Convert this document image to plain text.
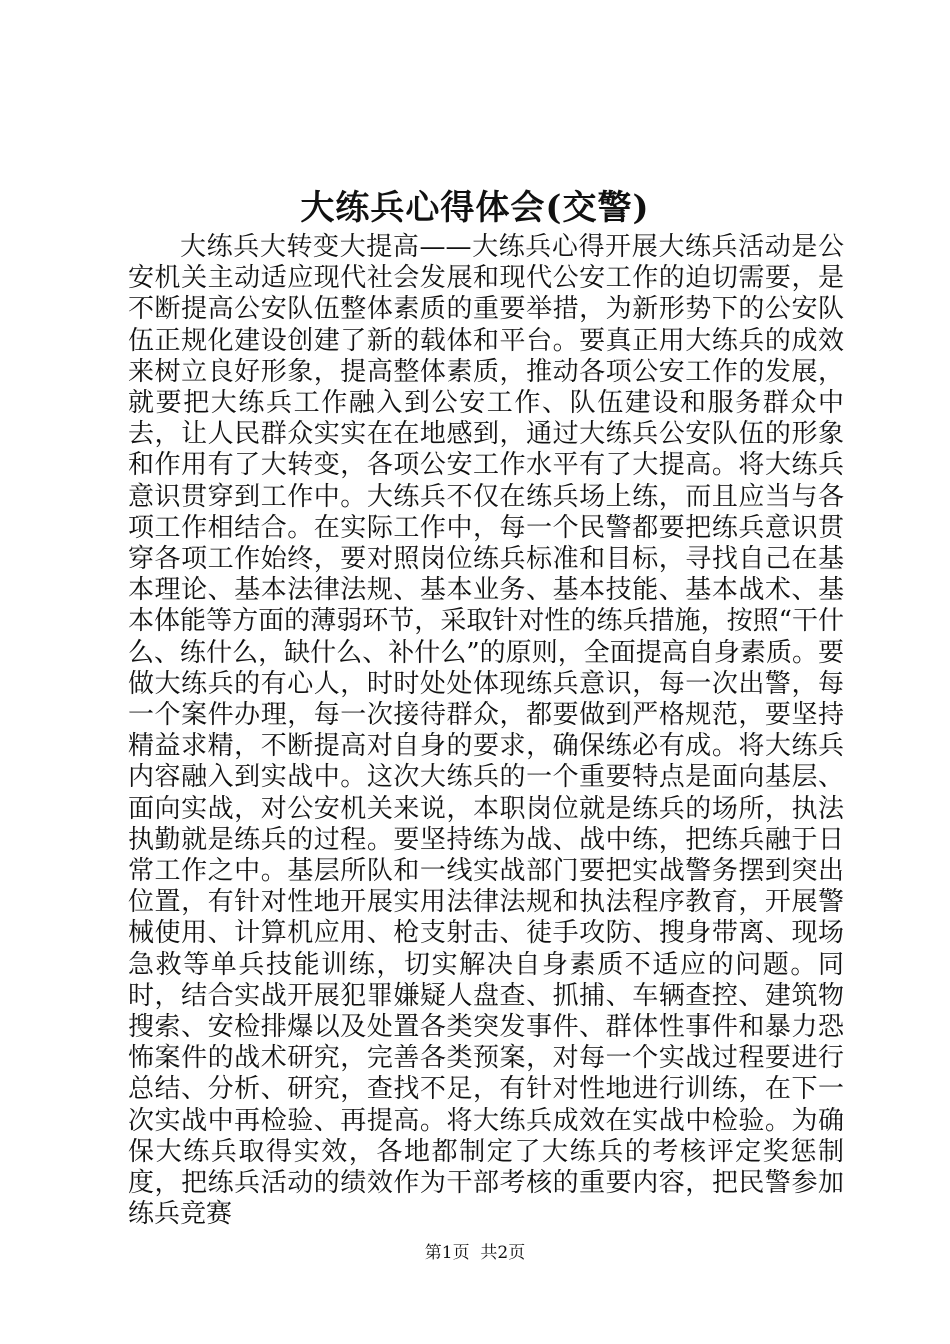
大练兵心得体会(交警)

大练兵大转变大提高——大练兵心得开展大练兵活动是公安机关主动适应现代社会发展和现代公安工作的迫切需要，是不断提高公安队伍整体素质的重要举措，为新形势下的公安队伍正规化建设创建了新的载体和平台。要真正用大练兵的成效来树立良好形象，提高整体素质，推动各项公安工作的发展，就要把大练兵工作融入到公安工作、队伍建设和服务群众中去，让人民群众实实在在地感到，通过大练兵公安队伍的形象和作用有了大转变，各项公安工作水平有了大提高。将大练兵意识贯穿到工作中。大练兵不仅在练兵场上练，而且应当与各项工作相结合。在实际工作中，每一个民警都要把练兵意识贯穿各项工作始终，要对照岗位练兵标准和目标，寻找自己在基本理论、基本法律法规、基本业务、基本技能、基本战术、基本体能等方面的薄弱环节，采取针对性的练兵措施，按照“干什么、练什么，缺什么、补什么”的原则，全面提高自身素质。要做大练兵的有心人，时时处处体现练兵意识，每一次出警，每一个案件办理，每一次接待群众，都要做到严格规范，要坚持精益求精，不断提高对自身的要求，确保练必有成。将大练兵内容融入到实战中。这次大练兵的一个重要特点是面向基层、面向实战，对公安机关来说，本职岗位就是练兵的场所，执法执勤就是练兵的过程。要坚持练为战、战中练，把练兵融于日常工作之中。基层所队和一线实战部门要把实战警务摆到突出位置，有针对性地开展实用法律法规和执法程序教育，开展警械使用、计算机应用、枪支射击、徒手攻防、搜身带离、现场急救等单兵技能训练，切实解决自身素质不适应的问题。同时，结合实战开展犯罪嫌疑人盘查、抓捕、车辆查控、建筑物搜索、安检排爆以及处置各类突发事件、群体性事件和暴力恐怖案件的战术研究，完善各类预案，对每一个实战过程要进行总结、分析、研究，查找不足，有针对性地进行训练，在下一次实战中再检验、再提高。将大练兵成效在实战中检验。为确保大练兵取得实效，各地都制定了大练兵的考核评定奖惩制度，把练兵活动的绩效作为干部考核的重要内容，把民警参加练兵竞赛

第1页  共2页
